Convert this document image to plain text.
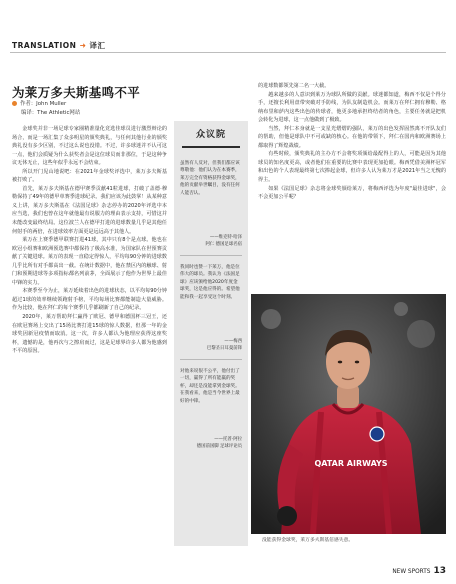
TRANSLATION ➜ 译汇
为莱万多夫斯基鸣不平
作者：John Muller
编译：The Athletic网站

金球奖并非一场足球专家圈精准量化竞选佳球员进行激烈辩论的场合，而是一场汇集了众多明星的颁奖典礼，与任何其他行业的颁奖典礼没有多少区别，不过这么说也没错。不过，许多球迷并不认可这一点，他们会质疑为什么获奖者会是这位球员而非那位，于是这种争议无休无止，这些年似乎永远不会结束。

所以开门见山地说吧：在2021年金球奖评选中，莱万多夫斯基被打败了。

首先，莱万多夫斯基在德甲赛季贡献41粒进球，打破了盖德·穆勒保持了49年的德甲单赛季进球纪录。我们应该为此鼓掌！从某种意义上讲，莱万多夫斯基在《法国足球》杂志停办的2020年评选中本应当选，我们也曾在这年就他最有说服力的理由表示支持，可惜这并未能改变最终结局。这位波兰人在德甲打进的进球数量几乎是其他任何射手的两倍，在进球效率方面更是远远高于其他人。

莱万在上赛季德甲联赛打进41球，其中只有8个是点球。他也在欧冠小组赛和欧洲预选赛中都保持了极高水准，为国家队在世预赛贡献了关键进球。莱万的表现一直稳定得惊人，平均每90分钟的进球数几乎比所有对手都高出一截。在统计数据中，他在禁区内的触球、射门和预期进球等多项指标都名列前茅，全面展示了他作为世界上最佳中锋的实力。

本赛季至今为止，莱万延续着出色的进球状态，以平均每90分钟超过1球的效率继续领跑射手榜，平均每场比赛都能制造大量威胁。作为比较，他在拜仁的每个赛季几乎都刷新了自己的纪录。

2020年，莱万帮助拜仁赢得了欧冠、德甲和德国杯三冠王，还在欧冠赛场上交出了15场比赛打进15球的惊人数据，但那一年的金球奖因新冠疫情而取消。这一次，许多人都认为他理应获得这座奖杯，遗憾的是，他再次与之擦肩而过，这是足球界许多人都为他感到不平的原因。

众议院
虽然有人反对，但我们都应该尊敬他：他们认为在本赛季，莱万完全有资格获得金球奖，他的贡献举世瞩目，没有任何人能否认。
——维克特·哈泽
阿仁 德国足球名宿
我同时也赞一下莱万，他是位伟大的球员。我认为《法国足球》应该颁给他2020年度金球奖，这是他应得的。希望他能和我一起享受这个时刻。
——梅西
巴黎圣日耳曼前锋
对他来说很不公平，他付出了一切，赢得了所有能赢的奖杯，却还是没能拿到金球奖。在我看来，他是当今世界上最好的中锋。
——托普·阿拉
德国前国脚 足球评论员

的进球数都领先第二名一大截。

越来越多的人意识到莱万为球队所做的贡献。球迷都知道，梅西不仅是个得分手，还擅长利用盘带突破对手防线，为队友制造机会。而莱万在拜仁拥有穆勒、格纳布里和萨内这些出色的传球者，他更多地承担终结者的角色，主要任务就是把机会转化为进球，这一点他做到了极致。

当然，拜仁本身就是一支星光熠熠的强队，莱万的出色发挥固然离不开队友们的帮助，但他是球队中不可或缺的核心。在他的带领下，拜仁在国内和欧洲赛场上都取得了辉煌战绩。

有些时候，颁奖典礼的主办方不会将奖项颁给最配得上的人，可能是因为其他球员的知名度更高，或者他们在重要的比赛中表现更加抢眼。梅西凭借美洲杯冠军和出色的个人表现最终第七次捧起金球，但许多人认为莱万才是2021年当之无愧的得主。

如果《法国足球》杂志将金球奖颁给莱万，将梅西评选为年度"最佳进球"，会不会更加公平呢？

QATAR AIRWAYS
没能获得金球奖，莱万多夫斯基倍感失意。
NEW SPORTS 13
